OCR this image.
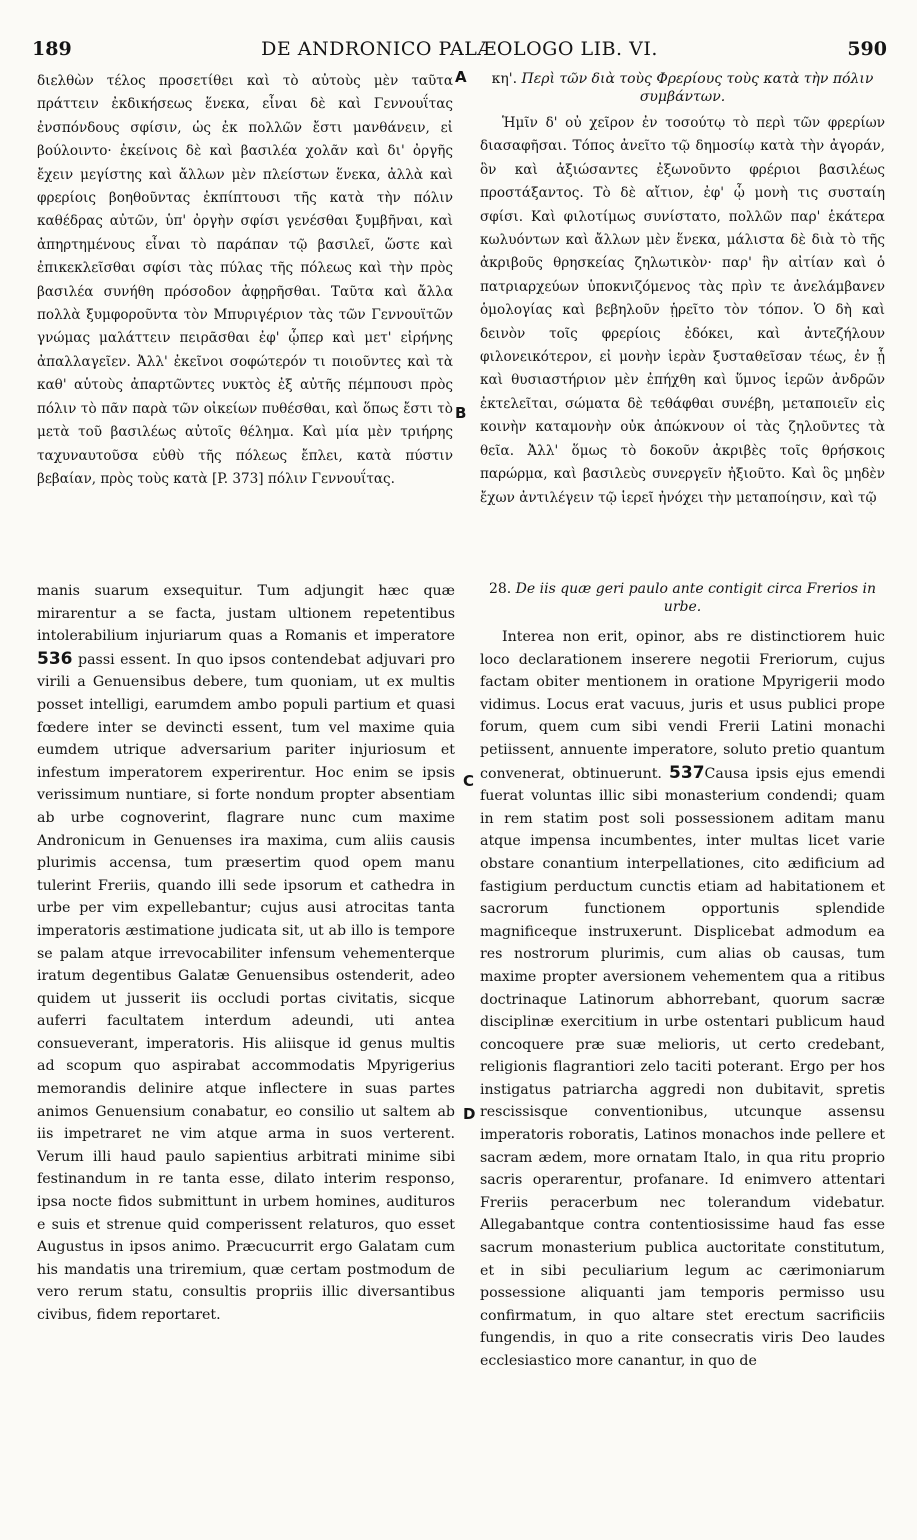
189	DE ANDRONICO PALÆOLOGO LIB. VI.	590
A
B
C
D

διελθὼν τέλος προσετίθει καὶ τὸ αὐτοὺς μὲν ταῦτα πράττειν ἐκδικήσεως ἕνεκα, εἶναι δὲ καὶ Γεννουΐτας ἐνσπόνδους σφίσιν, ὡς ἐκ πολλῶν ἔστι μανθάνειν, εἰ βούλοιντο· ἐκείνοις δὲ καὶ βασιλέα χολᾶν καὶ δι' ὀργῆς ἔχειν μεγίστης καὶ ἄλλων μὲν πλείστων ἕνεκα, ἀλλὰ καὶ φρερίοις βοηθοῦντας ἐκπίπτουσι τῆς κατὰ τὴν πόλιν καθέδρας αὐτῶν, ὑπ' ὀργὴν σφίσι γενέσθαι ξυμβῆναι, καὶ ἀπηρτημένους εἶναι τὸ παράπαν τῷ βασιλεῖ, ὥστε καὶ ἐπικεκλεῖσθαι σφίσι τὰς πύλας τῆς πόλεως καὶ τὴν πρὸς βασιλέα συνήθη πρόσοδον ἀφῃρῆσθαι. Ταῦτα καὶ ἄλλα πολλὰ ξυμφοροῦντα τὸν Μπυριγέριον τὰς τῶν Γεννουϊτῶν γνώμας μαλάττειν πειρᾶσθαι ἐφ' ᾧπερ καὶ μετ' εἰρήνης ἀπαλλαγεῖεν. Ἀλλ' ἐκεῖνοι σοφώτερόν τι ποιοῦντες καὶ τὰ καθ' αὑτοὺς ἀπαρτῶντες νυκτὸς ἐξ αὐτῆς πέμπουσι πρὸς πόλιν τὸ πᾶν παρὰ τῶν οἰκείων πυθέσθαι, καὶ ὅπως ἔστι τὸ μετὰ τοῦ βασιλέως αὐτοῖς θέλημα. Καὶ μία μὲν τριήρης ταχυναυτοῦσα εὐθὺ τῆς πόλεως ἔπλει, κατὰ πύστιν βεβαίαν, πρὸς τοὺς κατὰ [P. 373] πόλιν Γεννουΐτας.

κη'. Περὶ τῶν διὰ τοὺς Φρερίους τοὺς κατὰ τὴν πόλιν συμβάντων.

Ἡμῖν δ' οὐ χεῖρον ἐν τοσούτῳ τὸ περὶ τῶν φρερίων διασαφῆσαι. Τόπος ἀνεῖτο τῷ δημοσίῳ κατὰ τὴν ἀγοράν, ὃν καὶ ἀξιώσαντες ἐξωνοῦντο φρέριοι βασιλέως προστάξαντος. Τὸ δὲ αἴτιον, ἐφ' ᾧ μονὴ τις συσταίη σφίσι. Καὶ φιλοτίμως συνίστατο, πολλῶν παρ' ἑκάτερα κωλυόντων καὶ ἄλλων μὲν ἕνεκα, μάλιστα δὲ διὰ τὸ τῆς ἀκριβοῦς θρησκείας ζηλωτικὸν· παρ' ἣν αἰτίαν καὶ ὁ πατριαρχεύων ὑποκνιζόμενος τὰς πρὶν τε ἀνελάμβανεν ὁμολογίας καὶ βεβηλοῦν ᾑρεῖτο τὸν τόπον. Ὁ δὴ καὶ δεινὸν τοῖς φρερίοις ἐδόκει, καὶ ἀντεζήλουν φιλονεικότερον, εἰ μονὴν ἱερὰν ξυσταθεῖσαν τέως, ἐν ᾗ καὶ θυσιαστήριον μὲν ἐπήχθη καὶ ὕμνος ἱερῶν ἀνδρῶν ἐκτελεῖται, σώματα δὲ τεθάφθαι συνέβη, μεταποιεῖν εἰς κοινὴν καταμονὴν οὐκ ἀπώκνουν οἱ τὰς ζηλοῦντες τὰ θεῖα. Ἀλλ' ὅμως τὸ δοκοῦν ἀκριβὲς τοῖς θρήσκοις παρώρμα, καὶ βασιλεὺς συνεργεῖν ἠξιοῦτο. Καὶ ὃς μηδὲν ἔχων ἀντιλέγειν τῷ ἱερεῖ ἠνόχει τὴν μεταποίησιν, καὶ τῷ

manis suarum exsequitur. Tum adjungit hæc quæ mirarentur a se facta, justam ultionem repetentibus intolerabilium injuriarum quas a Romanis et imperatore 536 passi essent. In quo ipsos contendebat adjuvari pro virili a Genuensibus debere, tum quoniam, ut ex multis posset intelligi, earumdem ambo populi partium et quasi fœdere inter se devincti essent, tum vel maxime quia eumdem utrique adversarium pariter injuriosum et infestum imperatorem experirentur. Hoc enim se ipsis verissimum nuntiare, si forte nondum propter absentiam ab urbe cognoverint, flagrare nunc cum maxime Andronicum in Genuenses ira maxima, cum aliis causis plurimis accensa, tum præsertim quod opem manu tulerint Freriis, quando illi sede ipsorum et cathedra in urbe per vim expellebantur; cujus ausi atrocitas tanta imperatoris æstimatione judicata sit, ut ab illo is tempore se palam atque irrevocabiliter infensum vehementerque iratum degentibus Galatæ Genuensibus ostenderit, adeo quidem ut jusserit iis occludi portas civitatis, sicque auferri facultatem interdum adeundi, uti antea consueverant, imperatoris. His aliisque id genus multis ad scopum quo aspirabat accommodatis Mpyrigerius memorandis delinire atque inflectere in suas partes animos Genuensium conabatur, eo consilio ut saltem ab iis impetraret ne vim atque arma in suos verterent. Verum illi haud paulo sapientius arbitrati minime sibi festinandum in re tanta esse, dilato interim responso, ipsa nocte fidos submittunt in urbem homines, audituros e suis et strenue quid comperissent relaturos, quo esset Augustus in ipsos animo. Præcucurrit ergo Galatam cum his mandatis una triremium, quæ certam postmodum de vero rerum statu, consultis propriis illic diversantibus civibus, fidem reportaret.

28. De iis quæ geri paulo ante contigit circa Frerios in urbe.

Interea non erit, opinor, abs re distinctiorem huic loco declarationem inserere negotii Freriorum, cujus factam obiter mentionem in oratione Mpyrigerii modo vidimus. Locus erat vacuus, juris et usus publici prope forum, quem cum sibi vendi Frerii Latini monachi petiissent, annuente imperatore, soluto pretio quantum convenerat, obtinuerunt. 537Causa ipsis ejus emendi fuerat voluntas illic sibi monasterium condendi; quam in rem statim post soli possessionem aditam manu atque impensa incumbentes, inter multas licet varie obstare conantium interpellationes, cito ædificium ad fastigium perductum cunctis etiam ad habitationem et sacrorum functionem opportunis splendide magnificeque instruxerunt. Displicebat admodum ea res nostrorum plurimis, cum alias ob causas, tum maxime propter aversionem vehementem qua a ritibus doctrinaque Latinorum abhorrebant, quorum sacræ disciplinæ exercitium in urbe ostentari publicum haud concoquere præ suæ melioris, ut certo credebant, religionis flagrantiori zelo taciti poterant. Ergo per hos instigatus patriarcha aggredi non dubitavit, spretis rescissisque conventionibus, utcunque assensu imperatoris roboratis, Latinos monachos inde pellere et sacram ædem, more ornatam Italo, in qua ritu proprio sacris operarentur, profanare. Id enimvero attentari Freriis peracerbum nec tolerandum videbatur. Allegabantque contra contentiosissime haud fas esse sacrum monasterium publica auctoritate constitutum, et in sibi peculiarium legum ac cærimoniarum possessione aliquanti jam temporis permisso usu confirmatum, in quo altare stet erectum sacrificiis fungendis, in quo a rite consecratis viris Deo laudes ecclesiastico more canantur, in quo de
